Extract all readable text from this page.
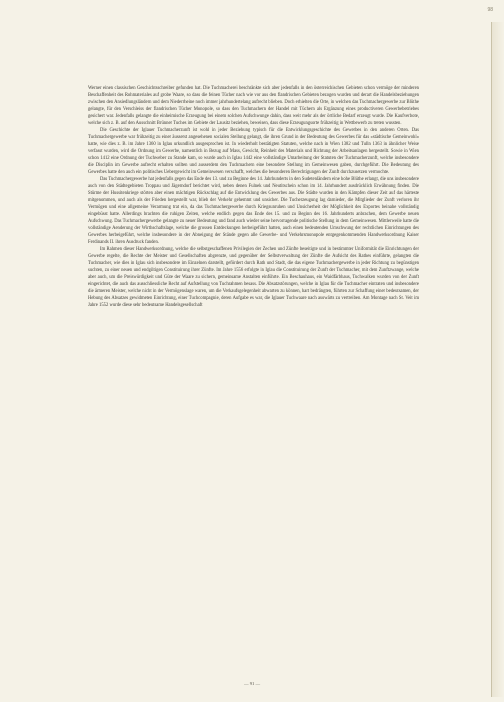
98

Werner einen classischen Geschichtsschreiber gefunden hat. Die Tuchmacherei beschränkte sich aber jedenfalls in den österreichischen Gebieten schon vermöge der minderen Beschaffenheit des Rohmateriales auf grobe Waare, so dass die feinen Tücher nach wie vor aus den flandrischen Gebieten bezogen wurden und derart die Handelsbeziehungen zwischen den Ansiedlungsländern und dem Niederrheine noch immer jahrhundertelang aufrecht blieben. Doch erhielten die Orte, in welchen das Tuchmachergewerbe zur Blüthe gelangte, für den Verschleiss der flandrischen Tücher Monopole, so dass den Tuchmachern der Handel mit Tüchern als Ergänzung eines productiveren Gewerbebetriebes gesichert war. Jedenfalls gelangte die einheimische Erzeugung bei einem solchen Aufschwunge dahin, dass weit mehr als der örtliche Bedarf erzeugt wurde. Die Kaufverbote, welche sich z. B. auf den Ausschnitt Brünner Tuches im Gebiete der Lausitz beziehen, beweisen, dass diese Erzeugungsorte frühzeitig in Wettbewerb zu treten wussten.

Die Geschichte der Iglauer Tuchmacherzunft ist wohl in jeder Beziehung typisch für die Entwicklungsgeschichte des Gewerbes in den anderen Orten. Das Tuchmachergewerbe war frühzeitig zu einer äusserst angesehenen socialen Stellung gelangt, die ihren Grund in der Bedeutung des Gewerbes für das »städtische Gemeinwohl« hatte, wie dies z. B. im Jahre 1360 in Iglau urkundlich ausgesprochen ist. In wiederholt bestätigten Statuten, welche nach in Wien 1382 und Tulln 1363 in ähnlicher Weise verfasst wurden, wird die Ordnung im Gewerbe, namentlich in Bezug auf Mass, Gewicht, Reinheit des Materials und Richtung der Arbeitsanlagen hergestellt. Sowie in Wien schon 1412 eine Ordnung der Tuchweber zu Stande kam, so wurde auch in Iglau 1442 eine vollständige Umarbeitung der Statuten der Tuchmacherzunft, welche insbesondere die Disciplin im Gewerbe aufrecht erhalten sollten und ausserdem den Tuchmachern eine besondere Stellung im Gemeinwesen gaben, durchgeführt. Die Bedeutung des Gewerbes hatte den auch ein politisches Uebergewicht im Gemeinwesen verschafft, welches die besonderen Berechtigungen der Zunft durchzusetzen vermochte.

Das Tuchmachergewerbe hat jedenfalls gegen das Ende des 13. und zu Beginne des 14. Jahrhunderts in den Sudetenländern eine hohe Blüthe erlangt, die uns insbesondere auch von den Städtegebieten Troppau und Jägerndorf berichtet wird, neben denen Fulnek und Neutitschein schon im 14. Jahrhundert ausdrücklich Erwähnung finden. Die Stürme der Hussitenkriege störten aber einen mächtigen Rückschlag auf die Entwicklung des Gewerbes aus. Die Städte wurden in den Kämpfen dieser Zeit auf das härteste mitgenommen, und auch als der Frieden hergestellt war, blieb der Verkehr gehemmt und unsicher. Die Tucherzeugung lag darnieder, die Mitglieder der Zunft verloren ihr Vermögen und eine allgemeine Verarmung trat ein, da das Tuchmachergewerbe durch Kriegsunruhen und Unsicherheit der Möglichkeit des Exportes beinahe vollständig eingebüsst hatte. Allerdings brachten die ruhigen Zeiten, welche endlich gegen das Ende des 15. und zu Beginn des 16. Jahrhunderts anbrachen, dem Gewerbe neuen Aufschwung. Das Tuchmachergewerbe gelangte zu neuer Bedeutung und fand auch wieder seine hervorragende politische Stellung in dem Gemeinwesen. Mittlerweile hatte die vollständige Aenderung der Wirthschaftslage, welche die grossen Entdeckungen herbeigeführt hatten, auch einen bedeutenden Umschwung der rechtlichen Einrichtungen des Gewerbes herbeigeführt, welche insbesondere in der Abneigung der Stände gegen alle Gewerbe- und Verkehrsmonopole entgegenkommenden Handwerksordnung Kaiser Ferdinands II. ihren Ausdruck fanden.

Im Rahmen dieser Handwerksordnung, welche die selbstgeschaffenen Privilegien der Zechen und Zünfte beseitigte und in bestimmter Uniformität die Einrichtungen der Gewerbe regelte, die Rechte der Meister und Gesellschaften abgrenzte, und gegenüber der Selbstverwaltung der Zünfte die Aufsicht des Rathes einführte, gelangten die Tuchmacher, wie dies in Iglau sich insbesondere im Einzelnen darstellt, gefördert durch Rath und Stadt, die das eigene Tuchmachergewerbe in jeder Richtung zu begünstigen suchten, zu einer neuen und endgiltigen Constituirung ihrer Zünfte. Im Jahre 1556 erfolgte in Iglau die Constituirung der Zunft der Tuchmacher, mit dem Zunftzwange, welche aber auch, um die Preiswürdigkeit und Güte der Waare zu sichern, gemeinsame Anstalten einführte. Ein Beschauhaus, ein Waidfärbhaus, Tuchwalken wurden von der Zunft eingerichtet, die auch das ausschliessliche Recht auf Aufstellung von Tuchrahmen besass. Die Absatzstörungen, welche in Iglau für die Tuchmacher eintraten und insbesondere die ärmeren Meister, welche nicht in der Vermögenslage waren, um die Verkaufsgelegenheit abwarten zu können, hart bedrängten, führten zur Schaffung einer bedeutsamen, der Hebung des Absatzes gewidmeten Einrichtung, einer Tuchcompagnie, deren Aufgabe es war, die Iglauer Tuchwaare nach auswärts zu vertreiben. Am Montage nach St. Veit im Jahre 1552 wurde diese sehr bedeutsame Handelsgesellschaft

— 91 —
